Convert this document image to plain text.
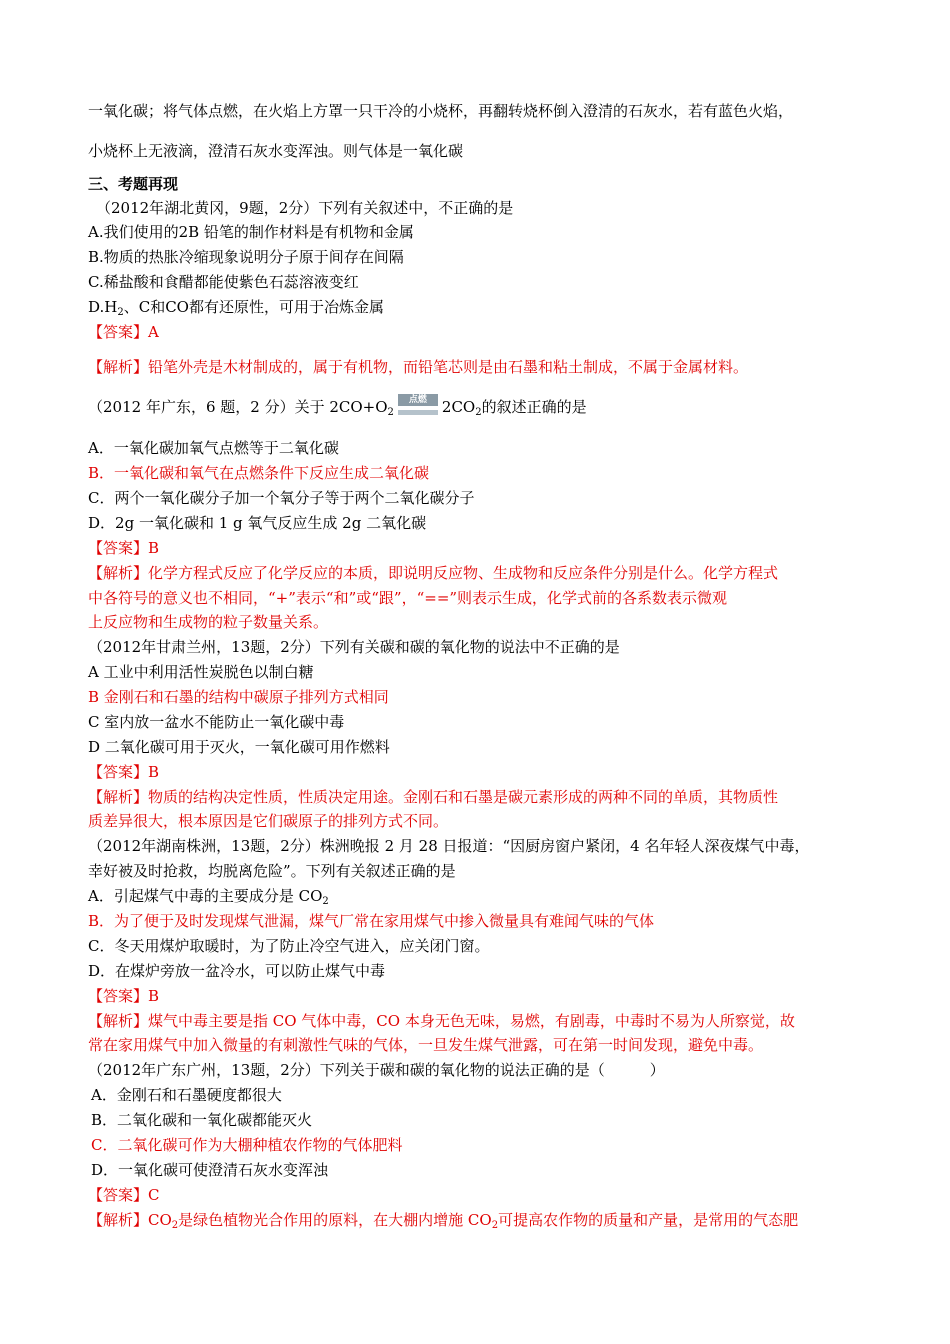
一氧化碳；将气体点燃，在火焰上方罩一只干冷的小烧杯，再翻转烧杯倒入澄清的石灰水，若有蓝色火焰，
小烧杯上无液滴，澄清石灰水变浑浊。则气体是一氧化碳
三、考题再现
（2012年湖北黄冈，9题，2分）下列有关叙述中，不正确的是
A.我们使用的2B 铅笔的制作材料是有机物和金属
B.物质的热胀冷缩现象说明分子原于间存在间隔
C.稀盐酸和食醋都能使紫色石蕊溶液变红
$D.H_2$、C和CO都有还原性，可用于冶炼金属
【答案】A
【解析】铅笔外壳是木材制成的，属于有机物，而铅笔芯则是由石墨和粘土制成，不属于金属材料。
（2012 年广东，6 题，2 分）关于 $2CO+O_2$
点燃	$2CO_2$的叙述正确的是
A．一氧化碳加氧气点燃等于二氧化碳
B．一氧化碳和氧气在点燃条件下反应生成二氧化碳
C．两个一氧化碳分子加一个氧分子等于两个二氧化碳分子
D．2g 一氧化碳和 1 g 氧气反应生成 2g 二氧化碳
【答案】B
【解析】化学方程式反应了化学反应的本质，即说明反应物、生成物和反应条件分别是什么。化学方程式
中各符号的意义也不相同，“+”表示“和”或“跟”，“==”则表示生成，化学式前的各系数表示微观
上反应物和生成物的粒子数量关系。
（2012年甘肃兰州，13题，2分）下列有关碳和碳的氧化物的说法中不正确的是
A 工业中利用活性炭脱色以制白糖
B 金刚石和石墨的结构中碳原子排列方式相同
C 室内放一盆水不能防止一氧化碳中毒
D 二氧化碳可用于灭火，一氧化碳可用作燃料
【答案】B
【解析】物质的结构决定性质，性质决定用途。金刚石和石墨是碳元素形成的两种不同的单质，其物质性
质差异很大，根本原因是它们碳原子的排列方式不同。
（2012年湖南株洲，13题，2分）株洲晚报 2 月 28 日报道：“因厨房窗户紧闭，4 名年轻人深夜煤气中毒，
幸好被及时抢救，均脱离危险”。下列有关叙述正确的是
A．引起煤气中毒的主要成分是 $CO_2$
B．为了便于及时发现煤气泄漏，煤气厂常在家用煤气中掺入微量具有难闻气味的气体
C．冬天用煤炉取暖时，为了防止冷空气进入，应关闭门窗。
D．在煤炉旁放一盆冷水，可以防止煤气中毒
【答案】B
【解析】煤气中毒主要是指 CO 气体中毒，CO 本身无色无味，易燃，有剧毒，中毒时不易为人所察觉，故
常在家用煤气中加入微量的有刺激性气味的气体，一旦发生煤气泄露，可在第一时间发现，避免中毒。
（2012年广东广州，13题，2分）下列关于碳和碳的氧化物的说法正确的是（　　　）
A．金刚石和石墨硬度都很大
B．二氧化碳和一氧化碳都能灭火
C．二氧化碳可作为大棚种植农作物的气体肥料
D．一氧化碳可使澄清石灰水变浑浊
【答案】C
【解析】$CO_2$是绿色植物光合作用的原料，在大棚内增施 $CO_2$可提高农作物的质量和产量，是常用的气态肥
